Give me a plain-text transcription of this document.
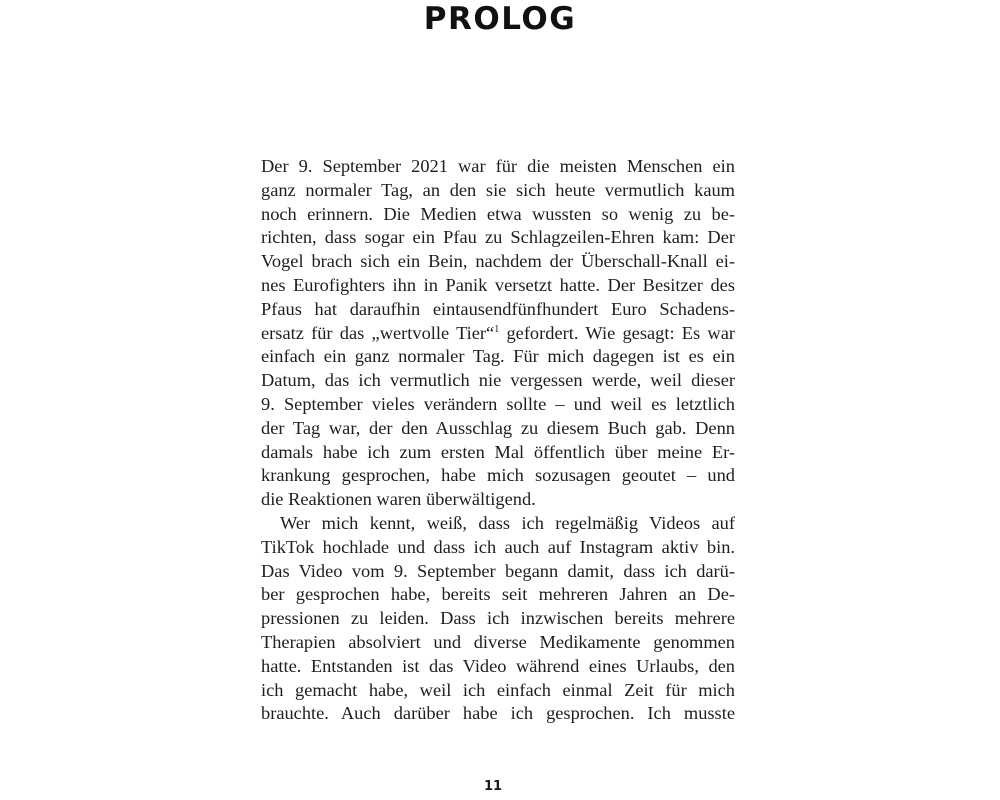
PROLOG

Der 9. September 2021 war für die meisten Menschen ein
ganz normaler Tag, an den sie sich heute vermutlich kaum
noch erinnern. Die Medien etwa wussten so wenig zu be-
richten, dass sogar ein Pfau zu Schlagzeilen-Ehren kam: Der
Vogel brach sich ein Bein, nachdem der Überschall-Knall ei-
nes Eurofighters ihn in Panik versetzt hatte. Der Besitzer des
Pfaus hat daraufhin eintausendfünfhundert Euro Schadens-
ersatz für das „wertvolle Tier“$^1$ gefordert. Wie gesagt: Es war
einfach ein ganz normaler Tag. Für mich dagegen ist es ein
Datum, das ich vermutlich nie vergessen werde, weil dieser
9. September vieles verändern sollte – und weil es letztlich
der Tag war, der den Ausschlag zu diesem Buch gab. Denn
damals habe ich zum ersten Mal öffentlich über meine Er-
krankung gesprochen, habe mich sozusagen geoutet – und
die Reaktionen waren überwältigend.

Wer mich kennt, weiß, dass ich regelmäßig Videos auf
TikTok hochlade und dass ich auch auf Instagram aktiv bin.
Das Video vom 9. September begann damit, dass ich darü-
ber gesprochen habe, bereits seit mehreren Jahren an De-
pressionen zu leiden. Dass ich inzwischen bereits mehrere
Therapien absolviert und diverse Medikamente genommen
hatte. Entstanden ist das Video während eines Urlaubs, den
ich gemacht habe, weil ich einfach einmal Zeit für mich
brauchte. Auch darüber habe ich gesprochen. Ich musste

11
